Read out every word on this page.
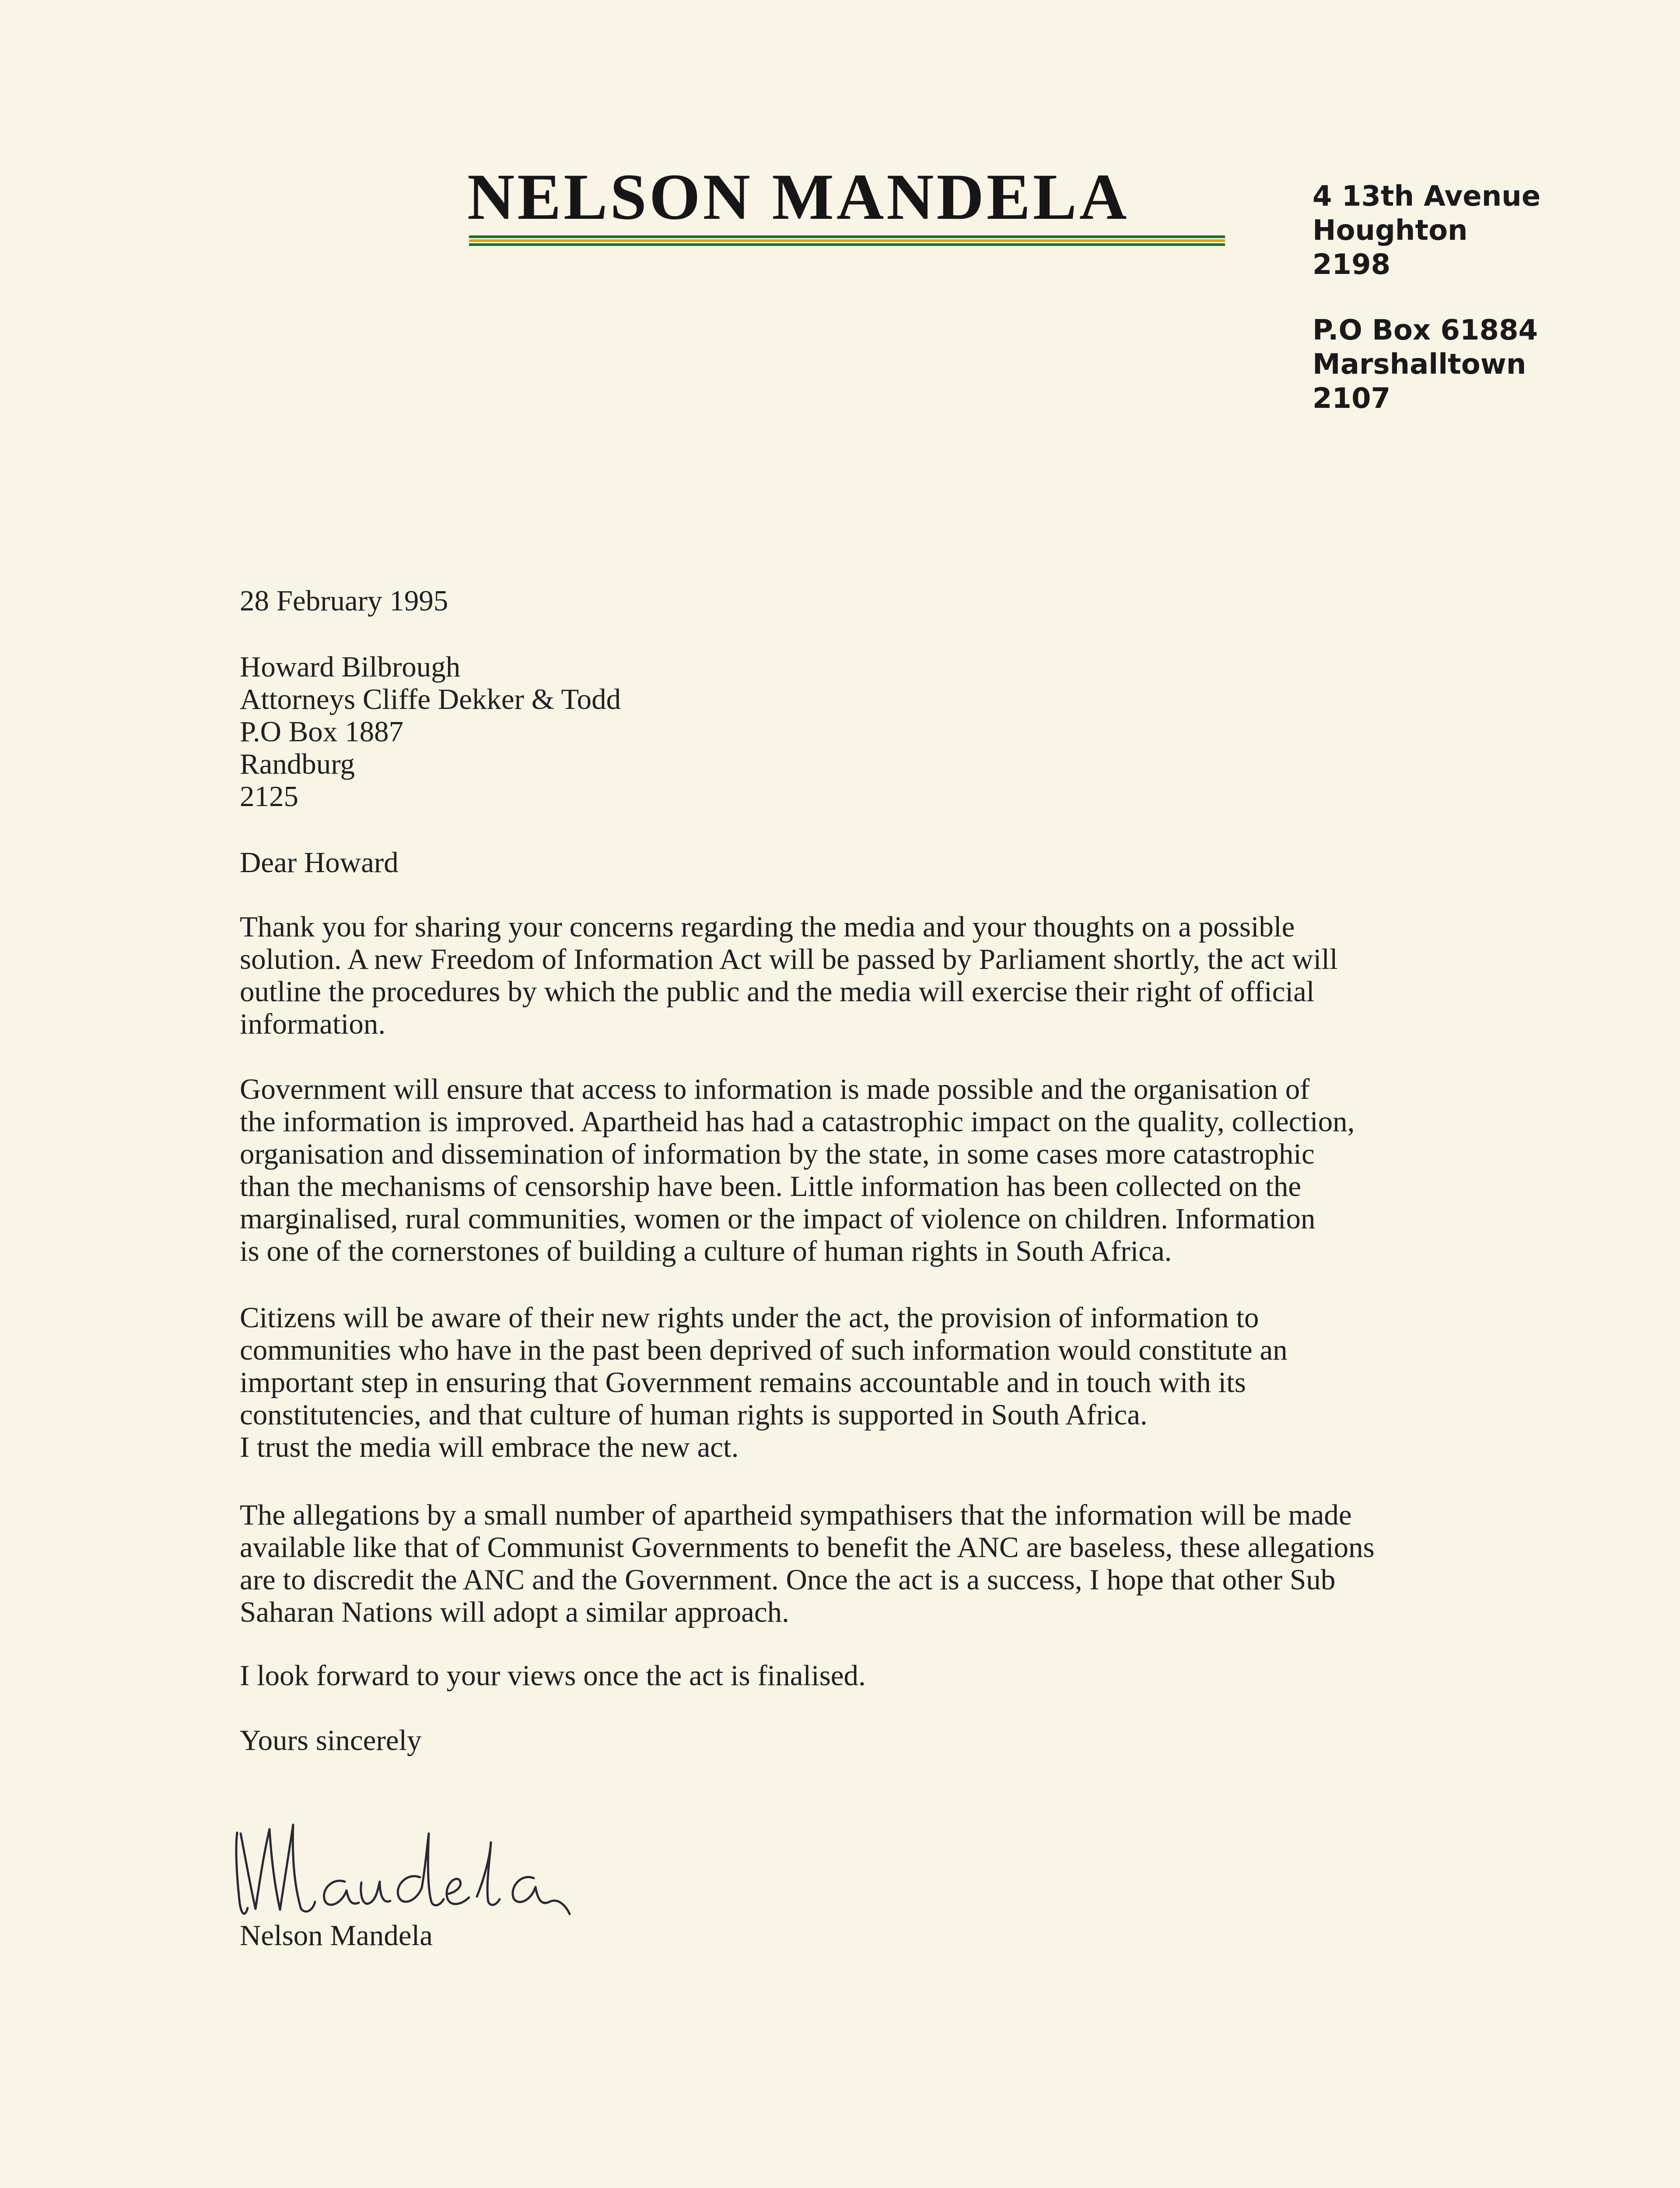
NELSON MANDELA	4 13th Avenue
Houghton
2198
P.O Box 61884
Marshalltown
2107
28 February 1995
Howard Bilbrough
Attorneys Cliffe Dekker & Todd
P.O Box 1887
Randburg
2125
Dear Howard
Thank you for sharing your concerns regarding the media and your thoughts on a possible
solution. A new Freedom of Information Act will be passed by Parliament shortly, the act will
outline the procedures by which the public and the media will exercise their right of official
information.
Government will ensure that access to information is made possible and the organisation of
the information is improved. Apartheid has had a catastrophic impact on the quality, collection,
organisation and dissemination of information by the state, in some cases more catastrophic
than the mechanisms of censorship have been. Little information has been collected on the
marginalised, rural communities, women or the impact of violence on children. Information
is one of the cornerstones of building a culture of human rights in South Africa.
Citizens will be aware of their new rights under the act, the provision of information to
communities who have in the past been deprived of such information would constitute an
important step in ensuring that Government remains accountable and in touch with its
constitutencies, and that culture of human rights is supported in South Africa.
I trust the media will embrace the new act.
The allegations by a small number of apartheid sympathisers that the information will be made
available like that of Communist Governments to benefit the ANC are baseless, these allegations
are to discredit the ANC and the Government. Once the act is a success, I hope that other Sub
Saharan Nations will adopt a similar approach.
I look forward to your views once the act is finalised.
Yours sincerely
Nelson Mandela
